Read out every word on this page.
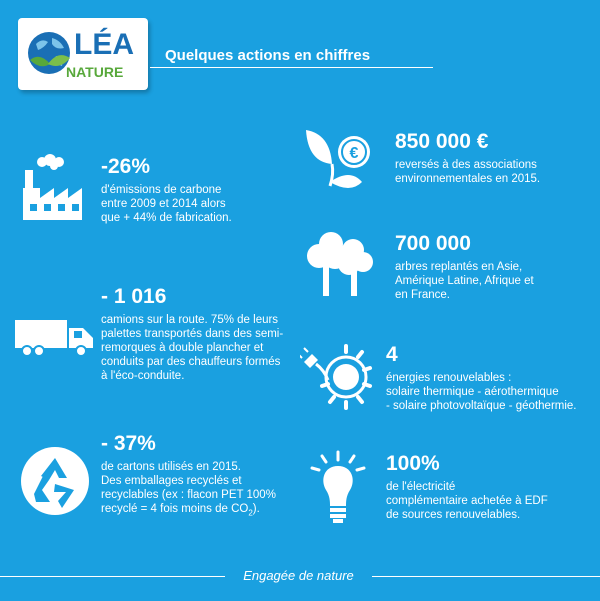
LÉA
NATURE
Quelques actions en chiffres
-26%
d'émissions de carbone
entre 2009 et 2014 alors
que + 44% de fabrication.
- 1 016
camions sur la route. 75% de leurs
palettes transportés dans des semi-
remorques à double plancher et
conduits par des chauffeurs formés
à l'éco-conduite.
- 37%
de cartons utilisés en 2015.
Des emballages recyclés et
recyclables (ex : flacon PET 100%
recyclé = 4 fois moins de $CO_2$).
€
850 000 €
reversés à des associations
environnementales en 2015.
700 000
arbres replantés en Asie,
Amérique Latine, Afrique et
en France.
4
énergies renouvelables :
solaire thermique - aérothermique
- solaire photovoltaïque - géothermie.
100%
de l'électricité
complémentaire achetée à EDF
de sources renouvelables.
Engagée de nature
